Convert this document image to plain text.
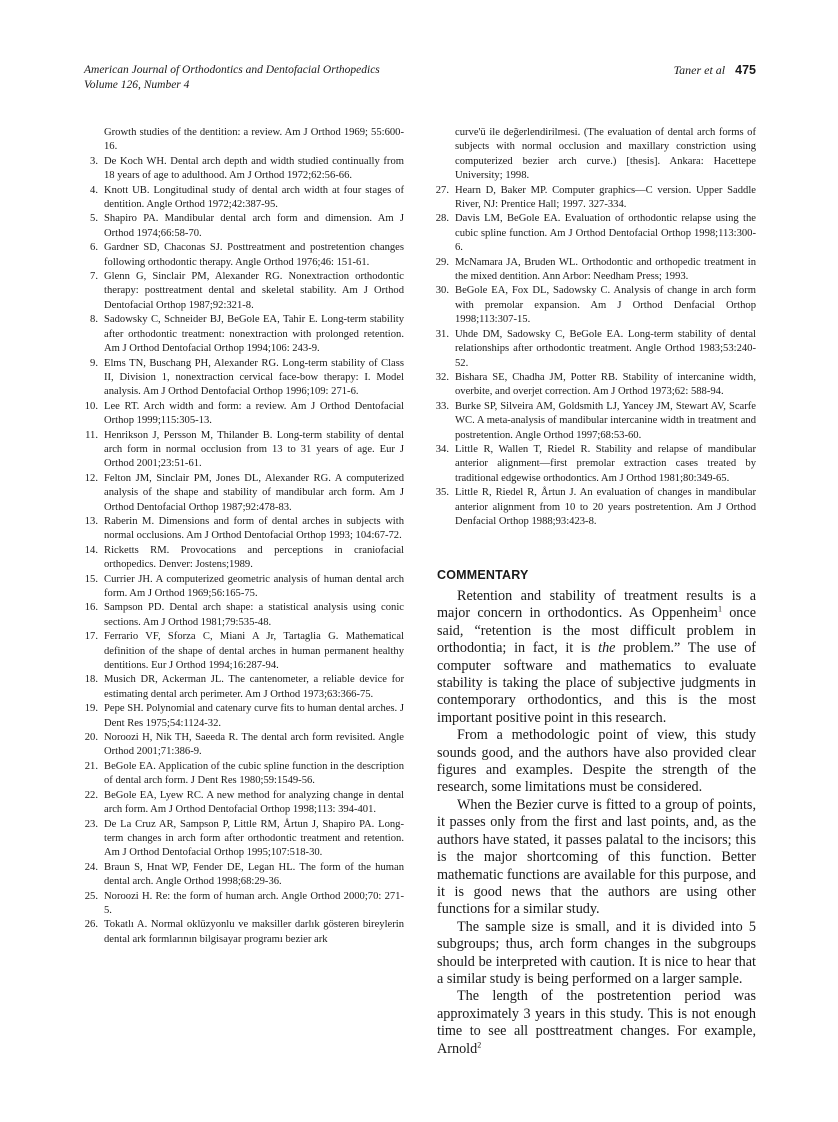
American Journal of Orthodontics and Dentofacial Orthopedics
Volume 126, Number 4
Taner et al 475
Growth studies of the dentition: a review. Am J Orthod 1969; 55:600-16.
3. De Koch WH. Dental arch depth and width studied continually from 18 years of age to adulthood. Am J Orthod 1972;62:56-66.
4. Knott UB. Longitudinal study of dental arch width at four stages of dentition. Angle Orthod 1972;42:387-95.
5. Shapiro PA. Mandibular dental arch form and dimension. Am J Orthod 1974;66:58-70.
6. Gardner SD, Chaconas SJ. Posttreatment and postretention changes following orthodontic therapy. Angle Orthod 1976;46: 151-61.
7. Glenn G, Sinclair PM, Alexander RG. Nonextraction orthodontic therapy: posttreatment dental and skeletal stability. Am J Orthod Dentofacial Orthop 1987;92:321-8.
8. Sadowsky C, Schneider BJ, BeGole EA, Tahir E. Long-term stability after orthodontic treatment: nonextraction with prolonged retention. Am J Orthod Dentofacial Orthop 1994;106: 243-9.
9. Elms TN, Buschang PH, Alexander RG. Long-term stability of Class II, Division 1, nonextraction cervical face-bow therapy: I. Model analysis. Am J Orthod Dentofacial Orthop 1996;109: 271-6.
10. Lee RT. Arch width and form: a review. Am J Orthod Dentofacial Orthop 1999;115:305-13.
11. Henrikson J, Persson M, Thilander B. Long-term stability of dental arch form in normal occlusion from 13 to 31 years of age. Eur J Orthod 2001;23:51-61.
12. Felton JM, Sinclair PM, Jones DL, Alexander RG. A computerized analysis of the shape and stability of mandibular arch form. Am J Orthod Dentofacial Orthop 1987;92:478-83.
13. Raberin M. Dimensions and form of dental arches in subjects with normal occlusions. Am J Orthod Dentofacial Orthop 1993; 104:67-72.
14. Ricketts RM. Provocations and perceptions in craniofacial orthopedics. Denver: Jostens;1989.
15. Currier JH. A computerized geometric analysis of human dental arch form. Am J Orthod 1969;56:165-75.
16. Sampson PD. Dental arch shape: a statistical analysis using conic sections. Am J Orthod 1981;79:535-48.
17. Ferrario VF, Sforza C, Miani A Jr, Tartaglia G. Mathematical definition of the shape of dental arches in human permanent healthy dentitions. Eur J Orthod 1994;16:287-94.
18. Musich DR, Ackerman JL. The cantenometer, a reliable device for estimating dental arch perimeter. Am J Orthod 1973;63:366-75.
19. Pepe SH. Polynomial and catenary curve fits to human dental arches. J Dent Res 1975;54:1124-32.
20. Noroozi H, Nik TH, Saeeda R. The dental arch form revisited. Angle Orthod 2001;71:386-9.
21. BeGole EA. Application of the cubic spline function in the description of dental arch form. J Dent Res 1980;59:1549-56.
22. BeGole EA, Lyew RC. A new method for analyzing change in dental arch form. Am J Orthod Dentofacial Orthop 1998;113: 394-401.
23. De La Cruz AR, Sampson P, Little RM, Årtun J, Shapiro PA. Long-term changes in arch form after orthodontic treatment and retention. Am J Orthod Dentofacial Orthop 1995;107:518-30.
24. Braun S, Hnat WP, Fender DE, Legan HL. The form of the human dental arch. Angle Orthod 1998;68:29-36.
25. Noroozi H. Re: the form of human arch. Angle Orthod 2000;70: 271-5.
26. Tokatlı A. Normal oklüzyonlu ve maksiller darlık gösteren bireylerin dental ark formlarının bilgisayar programı bezier ark
curve'ü ile değerlendirilmesi. (The evaluation of dental arch forms of subjects with normal occlusion and maxillary constriction using computerized bezier arch curve.) [thesis]. Ankara: Hacettepe University; 1998.
27. Hearn D, Baker MP. Computer graphics—C version. Upper Saddle River, NJ: Prentice Hall; 1997. 327-334.
28. Davis LM, BeGole EA. Evaluation of orthodontic relapse using the cubic spline function. Am J Orthod Dentofacial Orthop 1998;113:300-6.
29. McNamara JA, Bruden WL. Orthodontic and orthopedic treatment in the mixed dentition. Ann Arbor: Needham Press; 1993.
30. BeGole EA, Fox DL, Sadowsky C. Analysis of change in arch form with premolar expansion. Am J Orthod Denfacial Orthop 1998;113:307-15.
31. Uhde DM, Sadowsky C, BeGole EA. Long-term stability of dental relationships after orthodontic treatment. Angle Orthod 1983;53:240-52.
32. Bishara SE, Chadha JM, Potter RB. Stability of intercanine width, overbite, and overjet correction. Am J Orthod 1973;62: 588-94.
33. Burke SP, Silveira AM, Goldsmith LJ, Yancey JM, Stewart AV, Scarfe WC. A meta-analysis of mandibular intercanine width in treatment and postretention. Angle Orthod 1997;68:53-60.
34. Little R, Wallen T, Riedel R. Stability and relapse of mandibular anterior alignment—first premolar extraction cases treated by traditional edgewise orthodontics. Am J Orthod 1981;80:349-65.
35. Little R, Riedel R, Årtun J. An evaluation of changes in mandibular anterior alignment from 10 to 20 years postretention. Am J Orthod Denfacial Orthop 1988;93:423-8.
COMMENTARY

Retention and stability of treatment results is a major concern in orthodontics. As Oppenheim$^1$ once said, “retention is the most difficult problem in orthodontia; in fact, it is the problem.” The use of computer software and mathematics to evaluate stability is taking the place of subjective judgments in contemporary orthodontics, and this is the most important positive point in this research.

From a methodologic point of view, this study sounds good, and the authors have also provided clear figures and examples. Despite the strength of the research, some limitations must be considered.

When the Bezier curve is fitted to a group of points, it passes only from the first and last points, and, as the authors have stated, it passes palatal to the incisors; this is the major shortcoming of this function. Better mathematic functions are available for this purpose, and it is good news that the authors are using other functions for a similar study.

The sample size is small, and it is divided into 5 subgroups; thus, arch form changes in the subgroups should be interpreted with caution. It is nice to hear that a similar study is being performed on a larger sample.

The length of the postretention period was approximately 3 years in this study. This is not enough time to see all posttreatment changes. For example, Arnold$^2$
